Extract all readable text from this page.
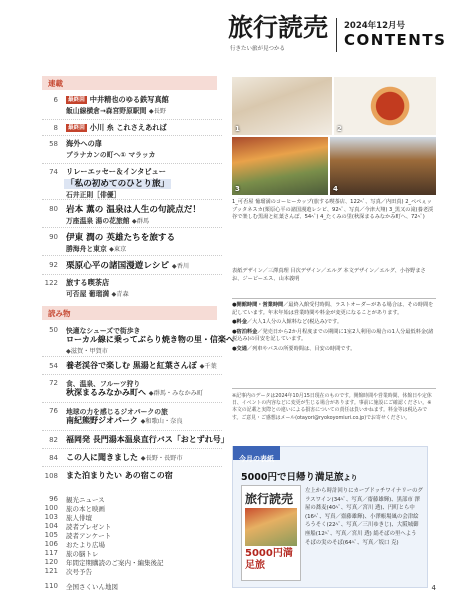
旅行読売
行きたい旅が見つかる
2024年12月号
CONTENTS
連載
6	最終回 中井精也のゆる鉄写真館
飯山線横倉→森宮野原駅間 ◆長野
8	最終回 小川 糸 これさえあれば
58 海外への扉
プラナカンの町へ① マラッカ
74 リレーエッセー＆インタビュー
「私の初めてのひとり旅」
石井正則［俳優］
80 岩本 薫の 温泉は人生の句読点だ！
万座温泉 湯の花旅館 ◆群馬
90 伊東 潤の 英雄たちを旅する
勝海舟と東京 ◆東京
92 栗原心平の諸国漫遊レシピ ◆香川
122 旅する喫茶店
可否屋 葡瑠満 ◆青森
読み物
50 快適なシューズで街歩き
ローカル線に乗ってぶらり焼き物の里・信楽へ
◆滋賀・甲賀市
54 養老渓谷で楽しむ 黒湯と紅葉さんぽ ◆千葉
72 食、温泉、フルーツ狩り
秋深まるみなかみ町へ ◆群馬・みなかみ町
76 地球の力を感じるジオパークの旅
南紀熊野ジオパーク ◆和歌山・奈良
82 福岡発 長門湯本温泉直行バス「おとずれ号」
84 この人に聞きました ◆長野・長野市
108 また泊まりたい あの宿この宿
96 観光ニュース
100 旅の本と映画
103 旅人俳壇
104 読者プレゼント
105 読者アンケート
106 おたより広場
117 旅の脳トレ
120 年間定期購読のご案内・編集後記
121 次号予告
110 全国さくいん地図
1	2
3	4
1_可否屋 葡瑠満のコーヒーカップ(旅する喫茶店、122ﾍﾟ、写真／内田真) 2_ぺぺぇッブッタネスカ(栗原心平の諸国漫遊レシピ、92ﾍﾟ、写真／今津大翔) 3_黒又の滝(養老渓谷で楽しむ黒湯と紅葉さんぽ、54ﾍﾟ) 4_たくみの里(秋深まるみなかみ町へ、72ﾍﾟ)
表紙デザイン／三澤真理 目次デザイン／エルグ 本文デザイン／エルグ、小谷野まさお、ジービーエス、山本義明
●開館時間・営業時間／最終入館受付時間、ラストオーダーがある場合は、その時間を記しています。年末年始は営業時間や料金が変更になることがあります。
●料金／大人1人分の入館料など(税込み)です。
●宿泊料金／発売日から2か月程度までの期間に1室2人利用の場合の1人分最低料金(諸税込み)の目安を記しています。
●交通／列車やバスの所要時間は、目安の時間です。
※記事内のデータは2024年10月15日現在のものです。開館時間や営業時間、休館日や定休日、イベントの内容などに変更が生じる場合があります。事前に施設にご確認ください。※本文の記載と実際との違いによる損害についての責任は負いかねます。料金等は税込みです。ご意見・ご感想はメール(otayori@ryokoyomiuri.co.jp)でお寄せください。
今月の表紙
5000円で日帰り満足旅より
旅行読売
5000円満足旅
左上から時計回りにカーブドッチワイナリーのグラスワイン(34ﾍﾟ、写真／齋藤雄輝)、黒部市 澤屋の蕎麦(40ﾍﾟ、写真／宮川 透)、円町とら中(16ﾍﾟ、写真／齋藤雄輝)、小澤帳場風の会津絵ろうそく(22ﾍﾟ、写真／三川ゆきじ)、大阪城御座船(12ﾍﾟ、写真／宮川 透) 絹そばの里へよう そばの実のそば(64ﾍﾟ、写真／坂口 克)
4
